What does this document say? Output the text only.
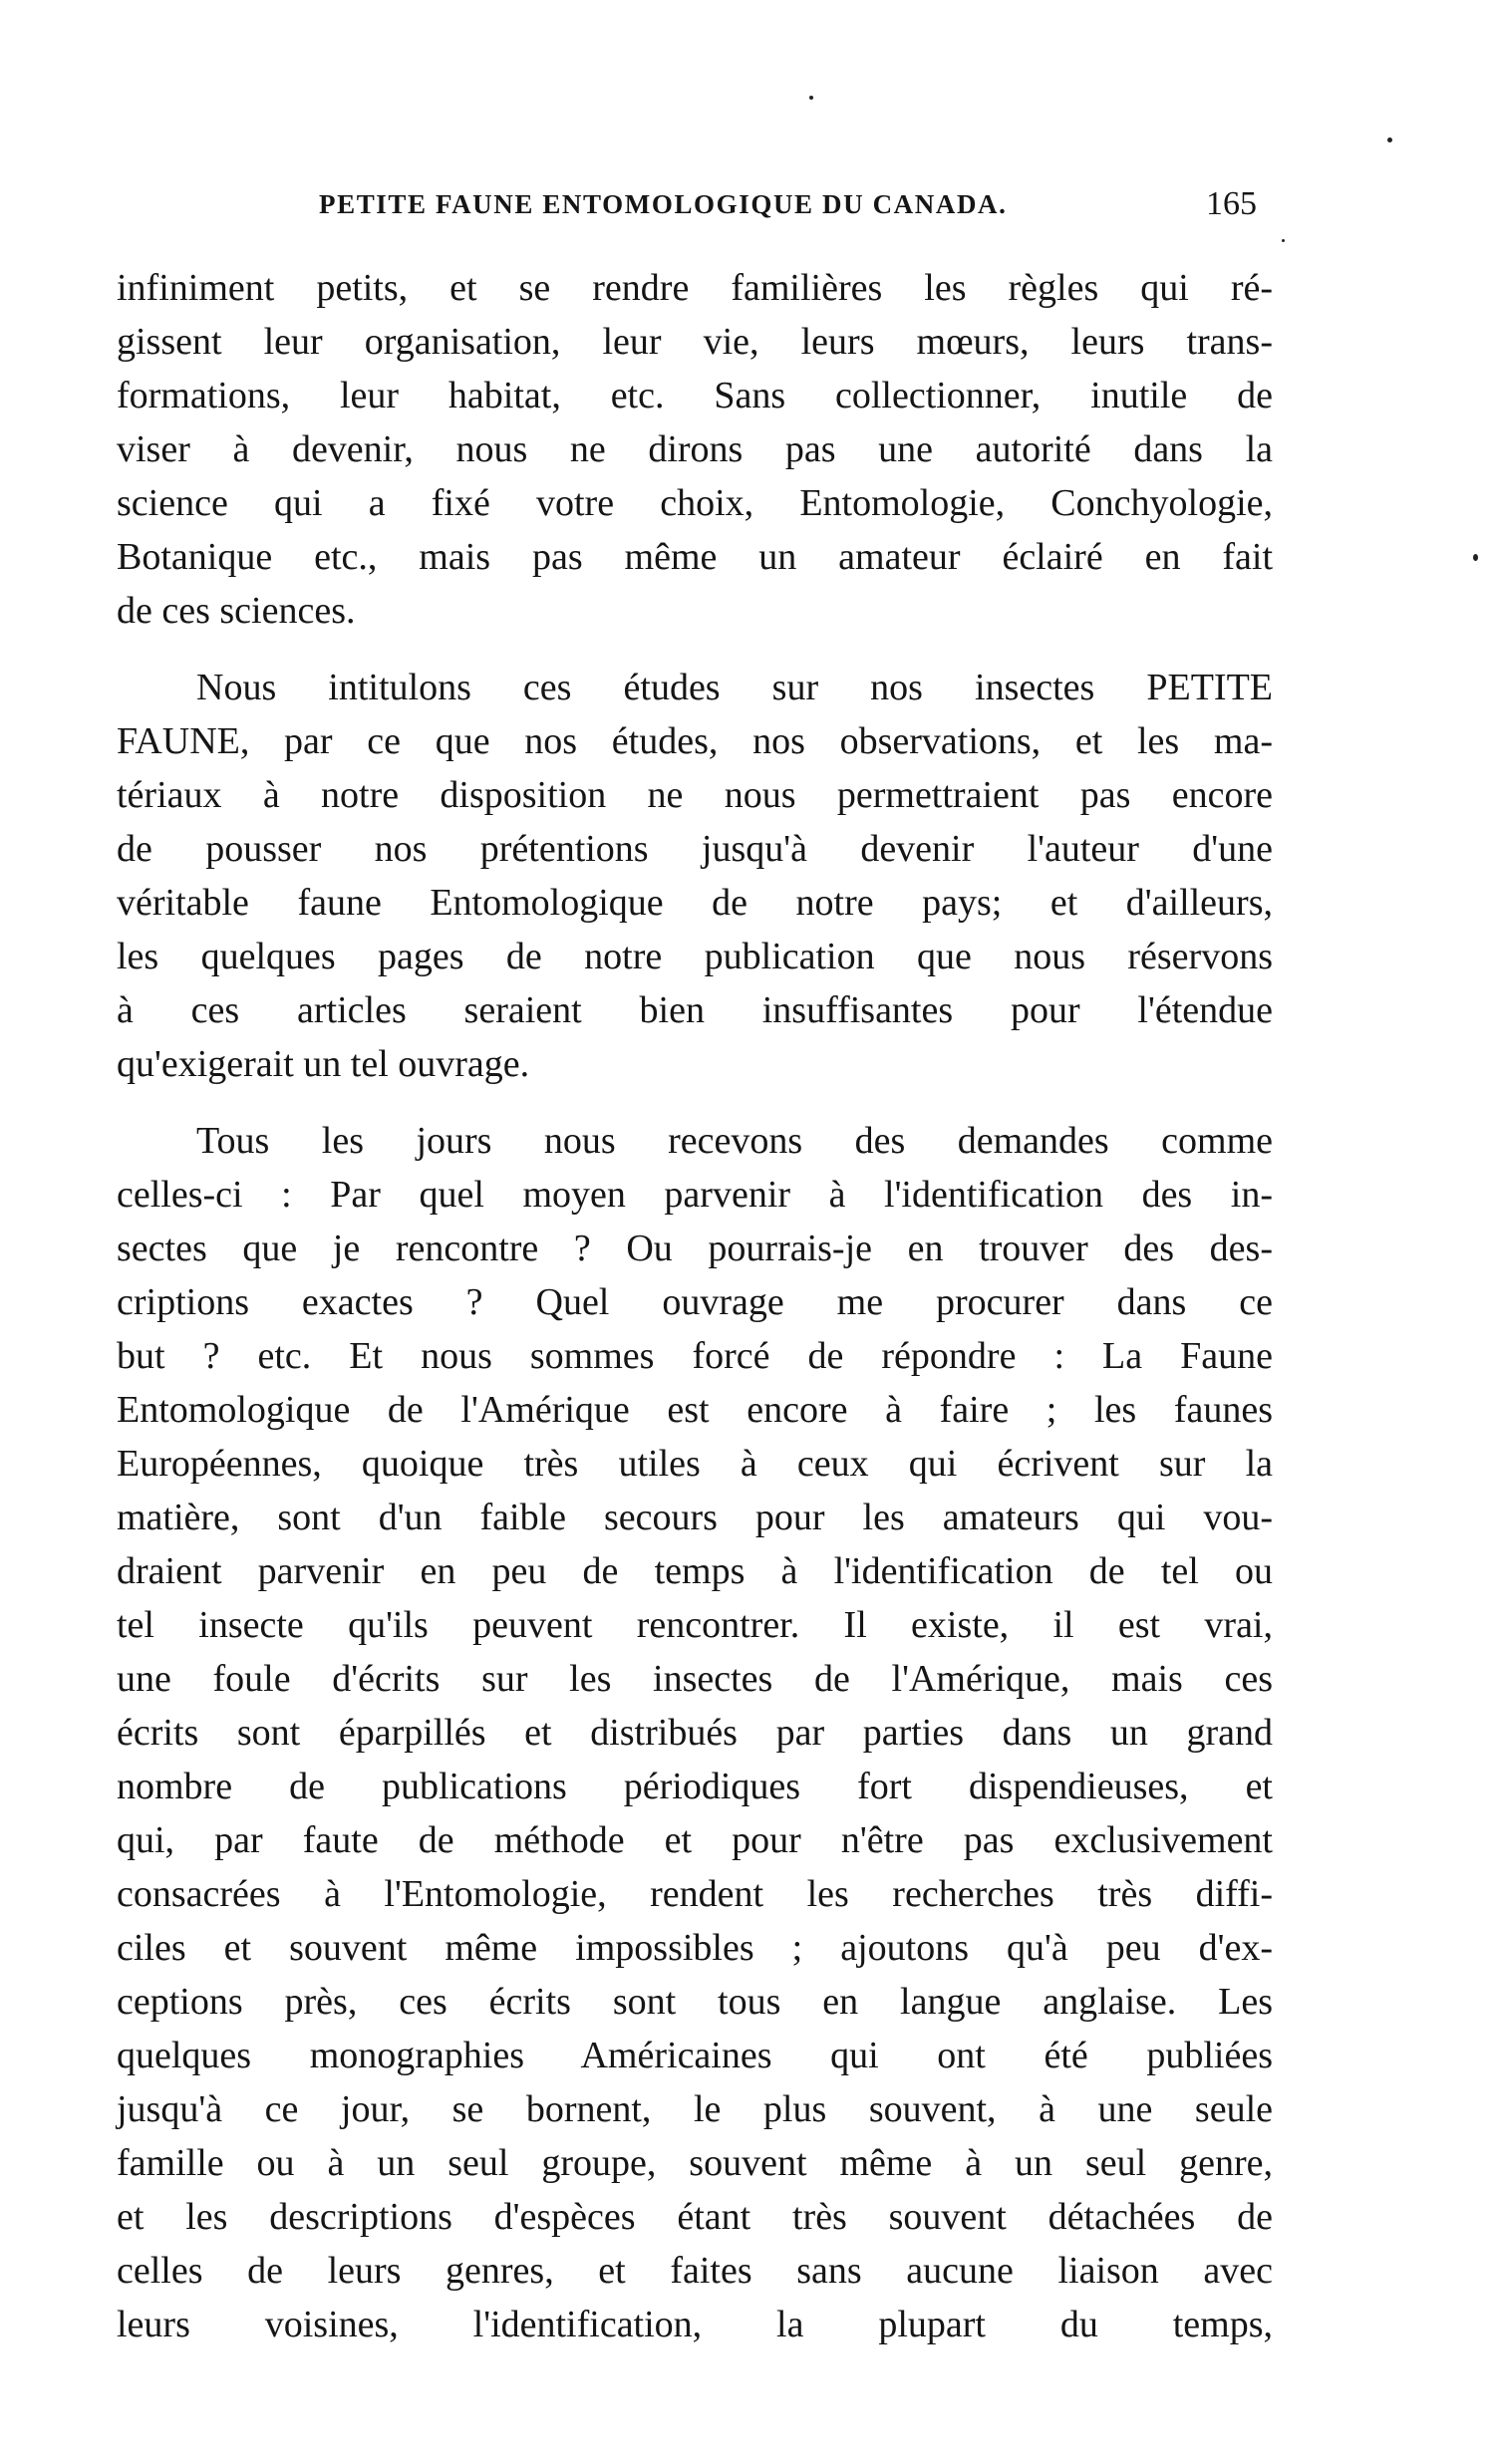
PETITE FAUNE ENTOMOLOGIQUE DU CANADA.	165

infiniment petits, et se rendre familières les règles qui ré-
gissent leur organisation, leur vie, leurs mœurs, leurs trans-
formations, leur habitat, etc. Sans collectionner, inutile de
viser à devenir, nous ne dirons pas une autorité dans la
science qui a fixé votre choix, Entomologie, Conchyologie,
Botanique etc., mais pas même un amateur éclairé en fait
de ces sciences.

Nous intitulons ces études sur nos insectes PETITE
FAUNE, par ce que nos études, nos observations, et les ma-
tériaux à notre disposition ne nous permettraient pas encore
de pousser nos prétentions jusqu'à devenir l'auteur d'une
véritable faune Entomologique de notre pays; et d'ailleurs,
les quelques pages de notre publication que nous réservons
à ces articles seraient bien insuffisantes pour l'étendue
qu'exigerait un tel ouvrage.

Tous les jours nous recevons des demandes comme
celles-ci : Par quel moyen parvenir à l'identification des in-
sectes que je rencontre ? Ou pourrais-je en trouver des des-
criptions exactes ? Quel ouvrage me procurer dans ce
but ? etc. Et nous sommes forcé de répondre : La Faune
Entomologique de l'Amérique est encore à faire ; les faunes
Européennes, quoique très utiles à ceux qui écrivent sur la
matière, sont d'un faible secours pour les amateurs qui vou-
draient parvenir en peu de temps à l'identification de tel ou
tel insecte qu'ils peuvent rencontrer. Il existe, il est vrai,
une foule d'écrits sur les insectes de l'Amérique, mais ces
écrits sont éparpillés et distribués par parties dans un grand
nombre de publications périodiques fort dispendieuses, et
qui, par faute de méthode et pour n'être pas exclusivement
consacrées à l'Entomologie, rendent les recherches très diffi-
ciles et souvent même impossibles ; ajoutons qu'à peu d'ex-
ceptions près, ces écrits sont tous en langue anglaise. Les
quelques monographies Américaines qui ont été publiées
jusqu'à ce jour, se bornent, le plus souvent, à une seule
famille ou à un seul groupe, souvent même à un seul genre,
et les descriptions d'espèces étant très souvent détachées de
celles de leurs genres, et faites sans aucune liaison avec
leurs voisines, l'identification, la plupart du temps,
